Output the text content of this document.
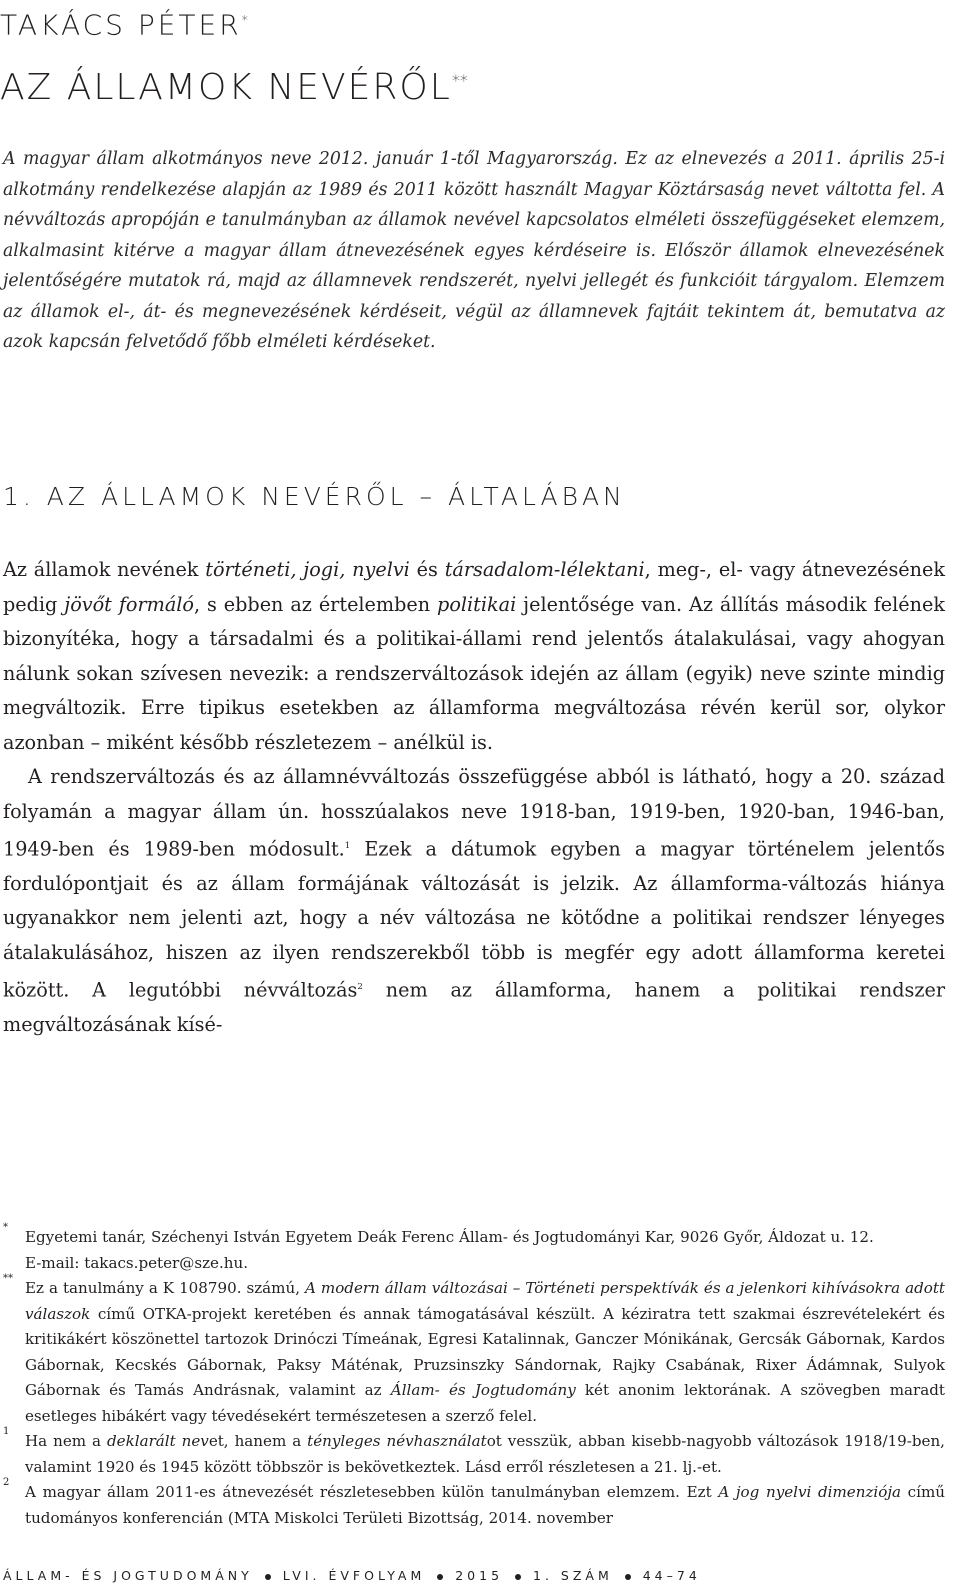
TAKÁCS PÉTER*
AZ ÁLLAMOK NEVÉRŐL**
A magyar állam alkotmányos neve 2012. január 1-től Magyarország. Ez az elnevezés a 2011. április 25-i alkotmány rendelkezése alapján az 1989 és 2011 között használt Magyar Köztársaság nevet váltotta fel. A névváltozás apropóján e tanulmányban az államok nevével kapcsolatos elméleti összefüggéseket elemzem, alkalmasint kitérve a magyar állam átnevezésének egyes kérdéseire is. Először államok elnevezésének jelentőségére mutatok rá, majd az államnevek rendszerét, nyelvi jellegét és funkcióit tárgyalom. Elemzem az államok el-, át- és megnevezésének kérdéseit, végül az államnevek fajtáit tekintem át, bemutatva az azok kapcsán felvetődő főbb elméleti kérdéseket.
1. AZ ÁLLAMOK NEVÉRŐL – ÁLTALÁBAN

Az államok nevének történeti, jogi, nyelvi és társadalom-lélektani, meg-, el- vagy átnevezésének pedig jövőt formáló, s ebben az értelemben politikai jelentősége van. Az állítás második felének bizonyítéka, hogy a társadalmi és a politikai-állami rend jelentős átalakulásai, vagy ahogyan nálunk sokan szívesen nevezik: a rendszerváltozások idején az állam (egyik) neve szinte mindig megváltozik. Erre tipikus esetekben az államforma megváltozása révén kerül sor, olykor azonban – miként később részletezem – anélkül is.

A rendszerváltozás és az államnévváltozás összefüggése abból is látható, hogy a 20. század folyamán a magyar állam ún. hosszúalakos neve 1918-ban, 1919-ben, 1920-ban, 1946-ban, 1949-ben és 1989-ben módosult.$^1$ Ezek a dátumok egyben a magyar történelem jelentős fordulópontjait és az állam formájának változását is jelzik. Az államforma-változás hiánya ugyanakkor nem jelenti azt, hogy a név változása ne kötődne a politikai rendszer lényeges átalakulásához, hiszen az ilyen rendszerekből több is megfér egy adott államforma keretei között. A legutóbbi névváltozás$^2$ nem az államforma, hanem a politikai rendszer megváltozásának kísé-

*
Egyetemi tanár, Széchenyi István Egyetem Deák Ferenc Állam- és Jogtudományi Kar, 9026 Győr, Áldozat u. 12.
E-mail: takacs.peter@sze.hu.
**
Ez a tanulmány a K 108790. számú, A modern állam változásai – Történeti perspektívák és a jelenkori kihívásokra adott válaszok című OTKA-projekt keretében és annak támogatásával készült. A kéziratra tett szakmai észrevételekért és kritikákért köszönettel tartozok Drinóczi Tímeának, Egresi Katalinnak, Ganczer Mónikának, Gercsák Gábornak, Kardos Gábornak, Kecskés Gábornak, Paksy Máténak, Pruzsinszky Sándornak, Rajky Csabának, Rixer Ádámnak, Sulyok Gábornak és Tamás Andrásnak, valamint az Állam- és Jogtudomány két anonim lektorának. A szövegben maradt esetleges hibákért vagy tévedésekért természetesen a szerző felel.
1
Ha nem a deklarált nevet, hanem a tényleges névhasználatot vesszük, abban kisebb-nagyobb változások 1918/19-ben, valamint 1920 és 1945 között többször is bekövetkeztek. Lásd erről részletesen a 21. lj.-et.
2
A magyar állam 2011-es átnevezését részletesebben külön tanulmányban elemzem. Ezt A jog nyelvi dimenziója című tudományos konferencián (MTA Miskolci Területi Bizottság, 2014. november
ÁLLAM- ÉS JOGTUDOMÁNY LVI. ÉVFOLYAM 2015 1. SZÁM 44–74
